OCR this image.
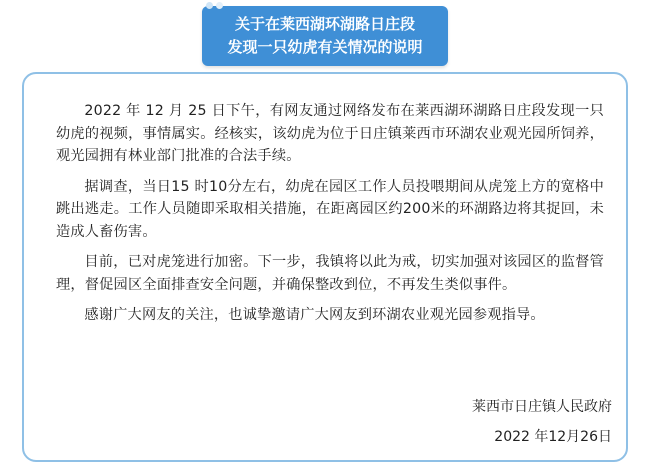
关于在莱西湖环湖路日庄段
发现一只幼虎有关情况的说明

2022 年 12 月 25 日下午，有网友通过网络发布在莱西湖环湖路日庄段发现一只幼虎的视频，事情属实。经核实，该幼虎为位于日庄镇莱西市环湖农业观光园所饲养，观光园拥有林业部门批准的合法手续。

据调查，当日15 时10分左右，幼虎在园区工作人员投喂期间从虎笼上方的宽格中跳出逃走。工作人员随即采取相关措施，在距离园区约200米的环湖路边将其捉回，未造成人畜伤害。

目前，已对虎笼进行加密。下一步，我镇将以此为戒，切实加强对该园区的监督管理，督促园区全面排查安全问题，并确保整改到位，不再发生类似事件。

感谢广大网友的关注，也诚挚邀请广大网友到环湖农业观光园参观指导。

莱西市日庄镇人民政府
2022 年12月26日
